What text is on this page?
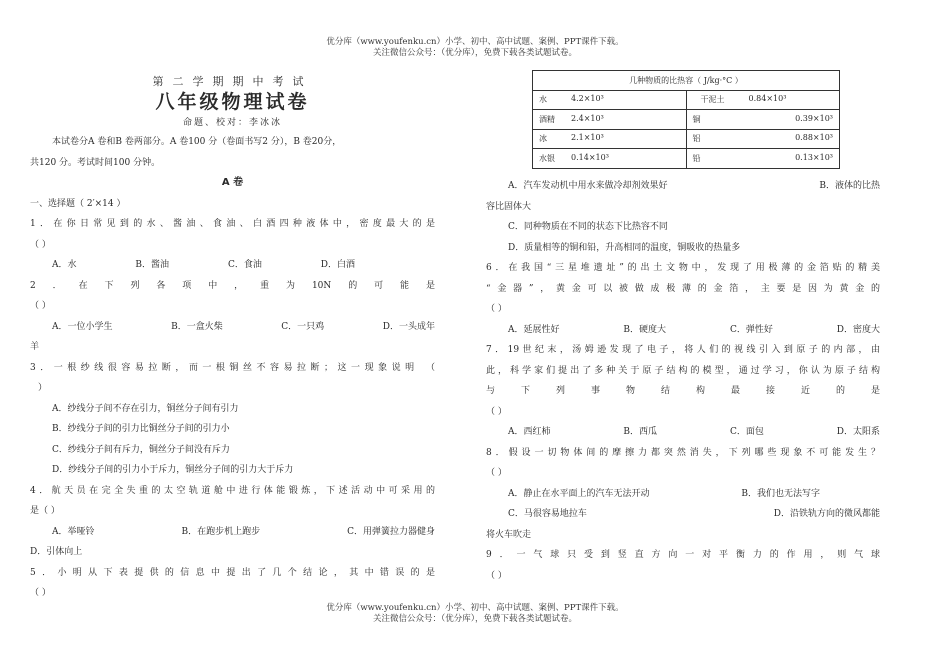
优分库（www.youfenku.cn）小学、初中、高中试题、案例、PPT课件下载。
关注微信公众号：（优分库），免费下载各类试题试卷。
第二学期期中考试
八年级物理试卷
命题、校对：李冰冰
本试卷分A 卷和B 卷两部分。A 卷100 分（卷面书写2 分），B 卷20分，
共120 分。考试时间100 分钟。
A 卷
一、选择题（ 2′×14 ）
1．在你日常见到的水、酱油、食油、白酒四种液体中，密度最大的是
（ ）
A．水	B．酱油	C．食油	D．白酒
2．在下列各项中，重为10N的可能是
（ ）
A．一位小学生	B．一盒火柴	C．一只鸡	D．一头成年
羊
3．一根纱线很容易拉断，而一根铜丝不容易拉断；这一现象说明 （
）
A．纱线分子间不存在引力，铜丝分子间有引力
B．纱线分子间的引力比铜丝分子间的引力小
C．纱线分子间有斥力，铜丝分子间没有斥力
D．纱线分子间的引力小于斥力，铜丝分子间的引力大于斥力
4．航天员在完全失重的太空轨道舱中进行体能锻炼，下述活动中可采用的
是（ ）
A．举哑铃	B．在跑步机上跑步	C．用弹簧拉力器健身
D．引体向上
5．小明从下表提供的信息中提出了几个结论，其中错误的是
（ ）
几种物质的比热容（ J/kg·°C ）	

水 4.2×10³	干泥土 0.84×10³

酒精 2.4×10³	铜 0.39×10³

冰 2.1×10³	铝 0.88×10³

水银 0.14×10³	铅 0.13×10³
A．汽车发动机中用水来做冷却剂效果好	B．液体的比热
容比固体大
C．同种物质在不同的状态下比热容不同
D．质量相等的铜和铅，升高相同的温度，铜吸收的热量多
6．在我国“三星堆遗址”的出土文物中，发现了用极薄的金箔贴的精美
“金器”，黄金可以被做成极薄的金箔，主要是因为黄金的
（ ）
A．延展性好	B．硬度大	C．弹性好	D．密度大
7．19世纪末，汤姆逊发现了电子，将人们的视线引入到原子的内部，由
此，科学家们提出了多种关于原子结构的模型，通过学习，你认为原子结构
与下列事物结构最接近的是
（ ）
A．西红柿	B．西瓜	C．面包	D．太阳系
8．假设一切物体间的摩擦力都突然消失，下列哪些现象不可能发生？
（ ）
A．静止在水平面上的汽车无法开动	B．我们也无法写字
C．马很容易地拉车	D．沿铁轨方向的微风都能
将火车吹走
9．一气球只受到竖直方向一对平衡力的作用，则气球
（ ）
优分库（www.youfenku.cn）小学、初中、高中试题、案例、PPT课件下载。
关注微信公众号：（优分库），免费下载各类试题试卷。
